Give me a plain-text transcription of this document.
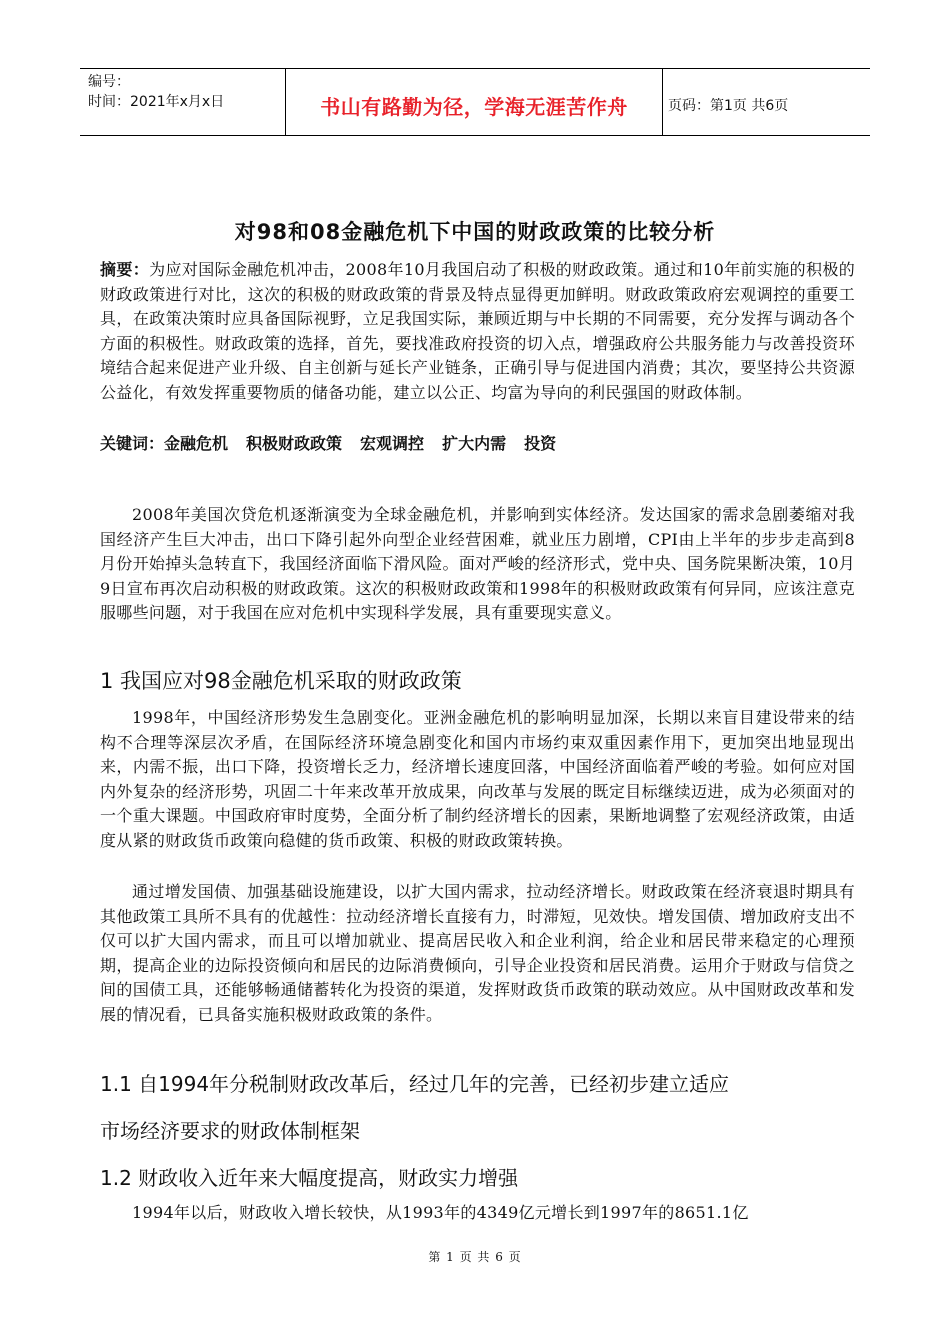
编号：
时间：2021年x月x日	书山有路勤为径，学海无涯苦作舟	页码：第1页 共6页
对98和08金融危机下中国的财政政策的比较分析
摘要：为应对国际金融危机冲击，2008年10月我国启动了积极的财政政策。通过和10年前实施的积极的财政政策进行对比，这次的积极的财政政策的背景及特点显得更加鲜明。财政政策政府宏观调控的重要工具，在政策决策时应具备国际视野，立足我国实际，兼顾近期与中长期的不同需要，充分发挥与调动各个方面的积极性。财政政策的选择，首先，要找准政府投资的切入点，增强政府公共服务能力与改善投资环境结合起来促进产业升级、自主创新与延长产业链条，正确引导与促进国内消费；其次，要坚持公共资源公益化，有效发挥重要物质的储备功能，建立以公正、均富为导向的利民强国的财政体制。
关键词：金融危机 积极财政政策 宏观调控 扩大内需 投资
2008年美国次贷危机逐渐演变为全球金融危机，并影响到实体经济。发达国家的需求急剧萎缩对我国经济产生巨大冲击，出口下降引起外向型企业经营困难，就业压力剧增，CPI由上半年的步步走高到8月份开始掉头急转直下，我国经济面临下滑风险。面对严峻的经济形式，党中央、国务院果断决策，10月9日宣布再次启动积极的财政政策。这次的积极财政政策和1998年的积极财政政策有何异同，应该注意克服哪些问题，对于我国在应对危机中实现科学发展，具有重要现实意义。
1 我国应对98金融危机采取的财政政策
1998年，中国经济形势发生急剧变化。亚洲金融危机的影响明显加深，长期以来盲目建设带来的结构不合理等深层次矛盾，在国际经济环境急剧变化和国内市场约束双重因素作用下，更加突出地显现出来，内需不振，出口下降，投资增长乏力，经济增长速度回落，中国经济面临着严峻的考验。如何应对国内外复杂的经济形势，巩固二十年来改革开放成果，向改革与发展的既定目标继续迈进，成为必须面对的一个重大课题。中国政府审时度势，全面分析了制约经济增长的因素，果断地调整了宏观经济政策，由适度从紧的财政货币政策向稳健的货币政策、积极的财政政策转换。
通过增发国债、加强基础设施建设，以扩大国内需求，拉动经济增长。财政政策在经济衰退时期具有其他政策工具所不具有的优越性：拉动经济增长直接有力，时滞短，见效快。增发国债、增加政府支出不仅可以扩大国内需求，而且可以增加就业、提高居民收入和企业利润，给企业和居民带来稳定的心理预期，提高企业的边际投资倾向和居民的边际消费倾向，引导企业投资和居民消费。运用介于财政与信贷之间的国债工具，还能够畅通储蓄转化为投资的渠道，发挥财政货币政策的联动效应。从中国财政改革和发展的情况看，已具备实施积极财政政策的条件。
1.1 自1994年分税制财政改革后，经过几年的完善，已经初步建立适应
市场经济要求的财政体制框架
1.2 财政收入近年来大幅度提高，财政实力增强
1994年以后，财政收入增长较快，从1993年的4349亿元增长到1997年的8651.1亿
第 1 页 共 6 页
